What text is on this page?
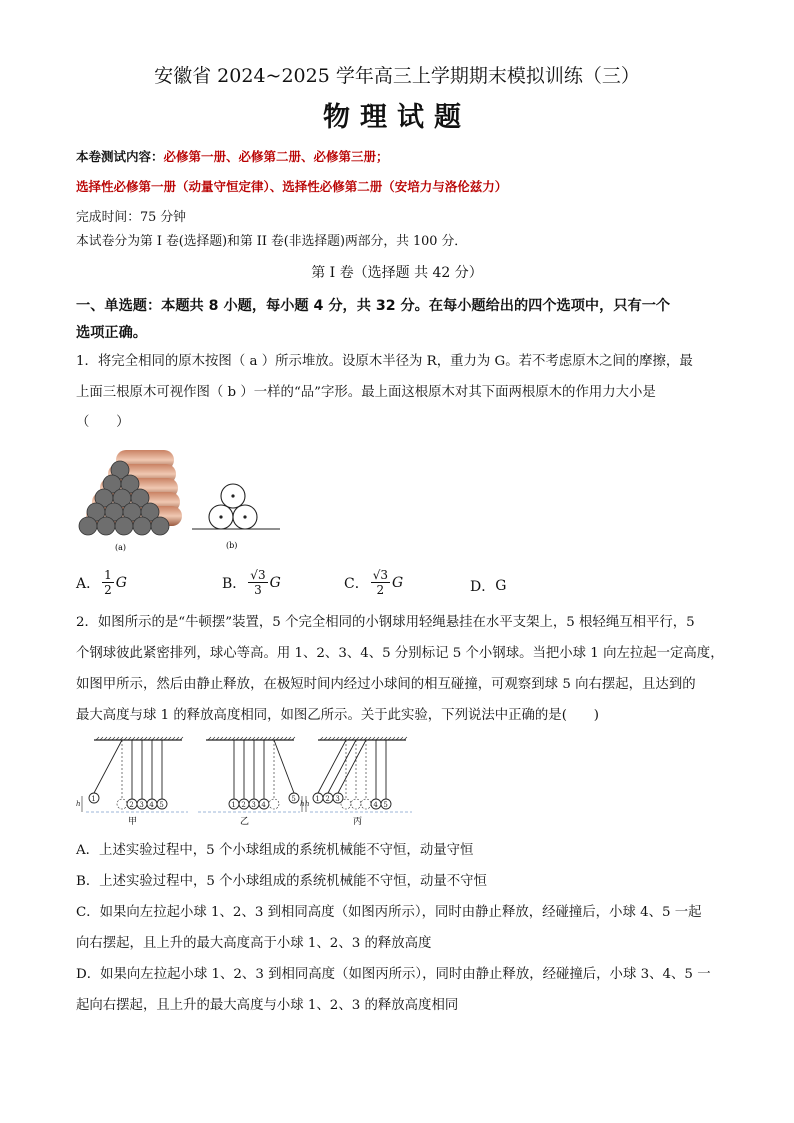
安徽省 2024~2025 学年高三上学期期末模拟训练（三）
物理试题
本卷测试内容：必修第一册、必修第二册、必修第三册；
选择性必修第一册（动量守恒定律）、选择性必修第二册（安培力与洛伦兹力）
完成时间：75 分钟
本试卷分为第 I 卷(选择题)和第 II 卷(非选择题)两部分，共 100 分．
第 I 卷（选择题 共 42 分）
一、单选题：本题共 8 小题，每小题 4 分，共 32 分。在每小题给出的四个选项中，只有一个
选项正确。
1．将完全相同的原木按图（ a ）所示堆放。设原木半径为 R，重力为 G。若不考虑原木之间的摩擦，最
上面三根原木可视作图（ b ）一样的“品”字形。最上面这根原木对其下面两根原木的作用力大小是
（　　）
(a)	(b)
A． $\frac{1}{2}$ G	B． $\frac{√3}{3}$ G	C． $\frac{√3}{2}$ G	D． G
2．如图所示的是“牛顿摆”装置，5 个完全相同的小钢球用轻绳悬挂在水平支架上，5 根轻绳互相平行，5
个钢球彼此紧密排列，球心等高。用 1、2、3、4、5 分别标记 5 个小钢球。当把小球 1 向左拉起一定高度，
如图甲所示，然后由静止释放，在极短时间内经过小球间的相互碰撞，可观察到球 5 向右摆起，且达到的
最大高度与球 1 的释放高度相同，如图乙所示。关于此实验，下列说法中正确的是(　　)
1
2 3 4 5
h	1 2 3 4
5
h
1 2 3
4 5
h
甲	乙	丙
A．上述实验过程中，5 个小球组成的系统机械能不守恒，动量守恒
B．上述实验过程中，5 个小球组成的系统机械能不守恒，动量不守恒
C．如果向左拉起小球 1、2、3 到相同高度（如图丙所示），同时由静止释放，经碰撞后，小球 4、5 一起
向右摆起，且上升的最大高度高于小球 1、2、3 的释放高度
D．如果向左拉起小球 1、2、3 到相同高度（如图丙所示），同时由静止释放，经碰撞后，小球 3、4、5 一
起向右摆起，且上升的最大高度与小球 1、2、3 的释放高度相同
